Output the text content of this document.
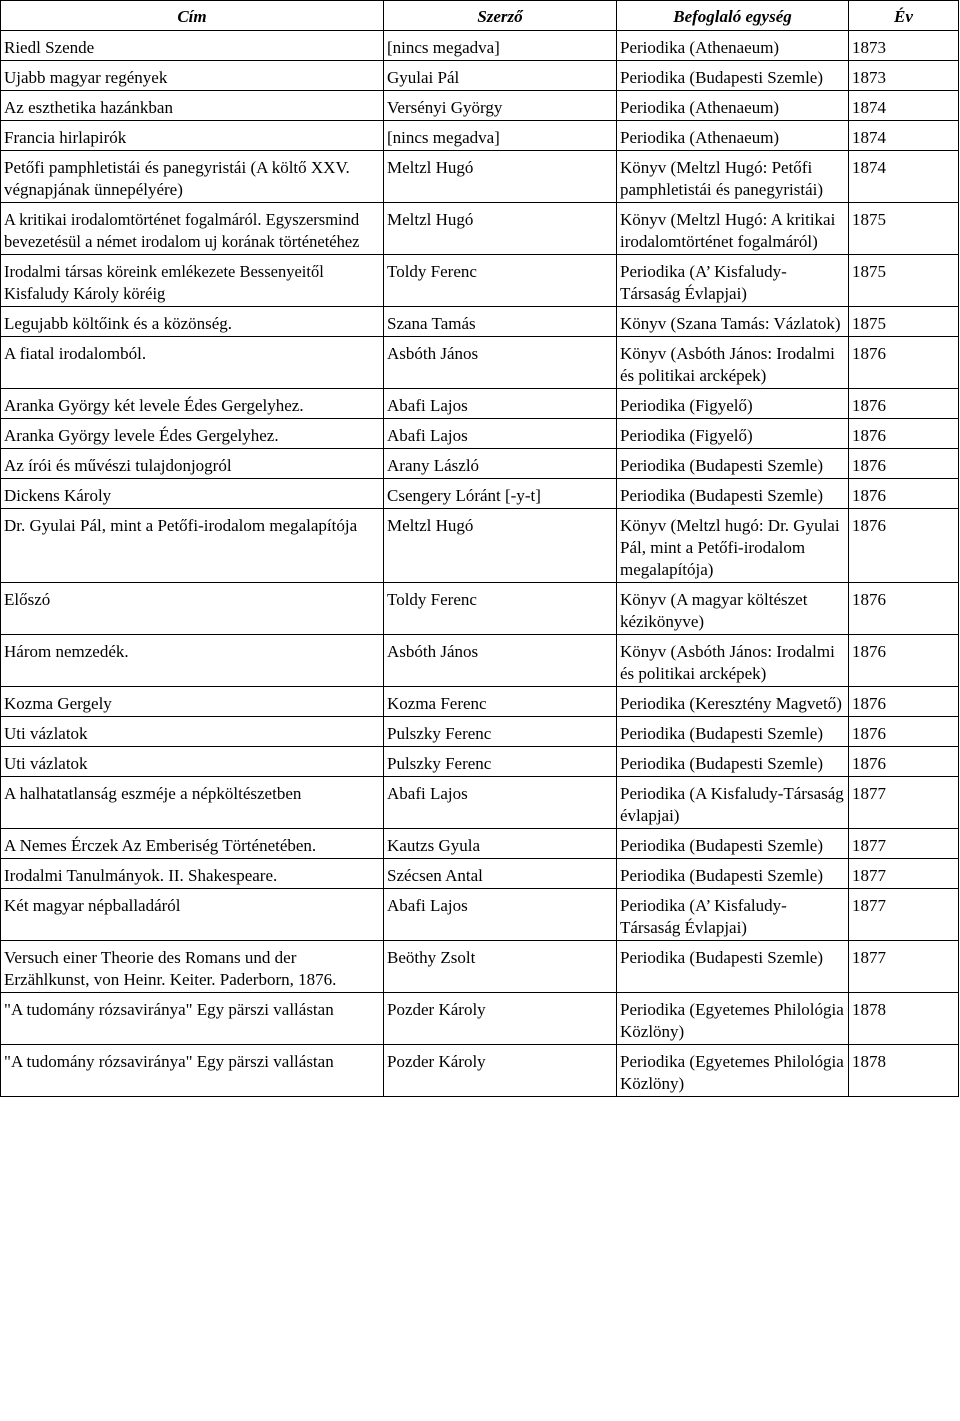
Cím	Szerző	Befoglaló egység	Év
Riedl Szende	[nincs megadva]	Periodika (Athenaeum)	1873
Ujabb magyar regények	Gyulai Pál	Periodika (Budapesti Szemle)	1873
Az eszthetika hazánkban	Versényi György	Periodika (Athenaeum)	1874
Francia hirlapirók	[nincs megadva]	Periodika (Athenaeum)	1874
Petőfi pamphletistái és panegyristái (A költő XXV. végnapjának ünnepélyére)	Meltzl Hugó	Könyv (Meltzl Hugó: Petőfi pamphletistái és panegyristái)	1874
A kritikai irodalomtörténet fogalmáról. Egyszersmind bevezetésül a német irodalom uj korának történetéhez	Meltzl Hugó	Könyv (Meltzl Hugó: A kritikai irodalomtörténet fogalmáról)	1875
Irodalmi társas köreink emlékezete Bessenyeitől Kisfaludy Károly köréig	Toldy Ferenc	Periodika (A’ Kisfaludy-Társaság Évlapjai)	1875
Legujabb költőink és a közönség.	Szana Tamás	Könyv (Szana Tamás: Vázlatok)	1875
A fiatal irodalomból.	Asbóth János	Könyv (Asbóth János: Irodalmi és politikai arcképek)	1876
Aranka György két levele Édes Gergelyhez.	Abafi Lajos	Periodika (Figyelő)	1876
Aranka György levele Édes Gergelyhez.	Abafi Lajos	Periodika (Figyelő)	1876
Az írói és művészi tulajdonjogról	Arany László	Periodika (Budapesti Szemle)	1876
Dickens Károly	Csengery Lóránt [-y-t]	Periodika (Budapesti Szemle)	1876
Dr. Gyulai Pál, mint a Petőfi-irodalom megalapítója	Meltzl Hugó	Könyv (Meltzl hugó: Dr. Gyulai Pál, mint a Petőfi-irodalom megalapítója)	1876
Előszó	Toldy Ferenc	Könyv (A magyar költészet kézikönyve)	1876
Három nemzedék.	Asbóth János	Könyv (Asbóth János: Irodalmi és politikai arcképek)	1876
Kozma Gergely	Kozma Ferenc	Periodika (Keresztény Magvető)	1876
Uti vázlatok	Pulszky Ferenc	Periodika (Budapesti Szemle)	1876
Uti vázlatok	Pulszky Ferenc	Periodika (Budapesti Szemle)	1876
A halhatatlanság eszméje a népköltészetben	Abafi Lajos	Periodika (A Kisfaludy-Társaság évlapjai)	1877
A Nemes Érczek Az Emberiség Történetében.	Kautzs Gyula	Periodika (Budapesti Szemle)	1877
Irodalmi Tanulmányok. II. Shakespeare.	Szécsen Antal	Periodika (Budapesti Szemle)	1877
Két magyar népballadáról	Abafi Lajos	Periodika (A’ Kisfaludy-Társaság Évlapjai)	1877
Versuch einer Theorie des Romans und der Erzählkunst, von Heinr. Keiter. Paderborn, 1876.	Beöthy Zsolt	Periodika (Budapesti Szemle)	1877
"A tudomány rózsaviránya" Egy pärszi vallástan	Pozder Károly	Periodika (Egyetemes Philológia Közlöny)	1878
"A tudomány rózsaviránya" Egy pärszi vallástan	Pozder Károly	Periodika (Egyetemes Philológia Közlöny)	1878
